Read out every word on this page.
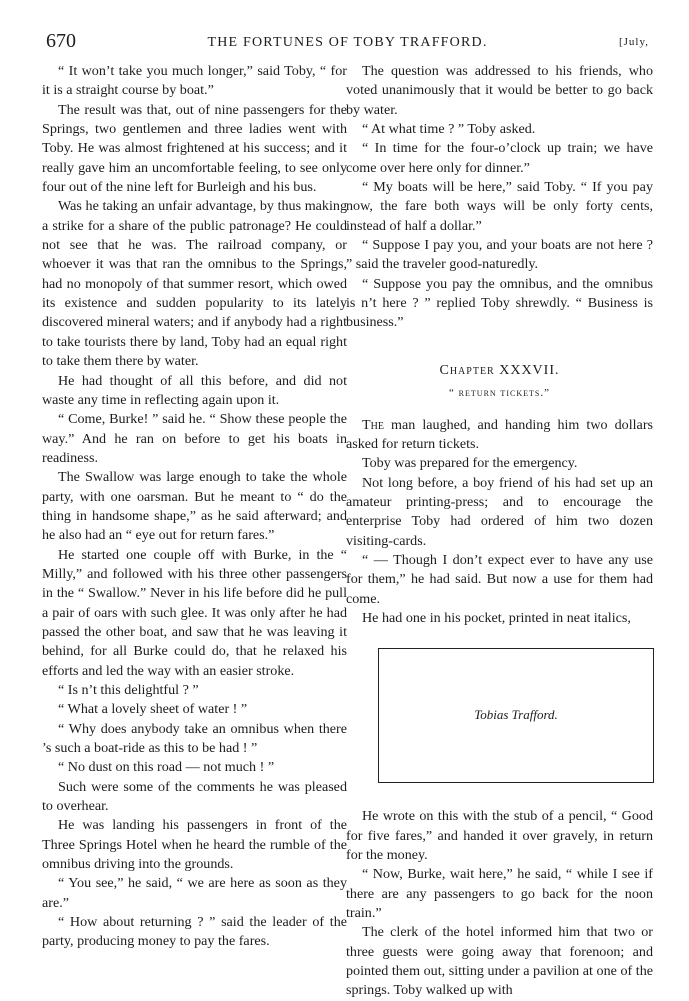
670	THE FORTUNES OF TOBY TRAFFORD.	[July,

“ It won’t take you much longer,” said Toby, “ for it is a straight course by boat.”

The result was that, out of nine passengers for the Springs, two gentlemen and three ladies went with Toby. He was almost frightened at his success; and it really gave him an uncomfortable feeling, to see only four out of the nine left for Burleigh and his bus.

Was he taking an unfair advantage, by thus making a strike for a share of the public patronage? He could not see that he was. The railroad company, or whoever it was that ran the omnibus to the Springs, had no monopoly of that summer resort, which owed its existence and sudden popularity to its lately discovered mineral waters; and if anybody had a right to take tourists there by land, Toby had an equal right to take them there by water.

He had thought of all this before, and did not waste any time in reflecting again upon it.

“ Come, Burke! ” said he. “ Show these people the way.” And he ran on before to get his boats in readiness.

The Swallow was large enough to take the whole party, with one oarsman. But he meant to “ do the thing in handsome shape,” as he said afterward; and he also had an “ eye out for return fares.”

He started one couple off with Burke, in the “ Milly,” and followed with his three other passengers in the “ Swallow.” Never in his life before did he pull a pair of oars with such glee. It was only after he had passed the other boat, and saw that he was leaving it behind, for all Burke could do, that he relaxed his efforts and led the way with an easier stroke.

“ Is n’t this delightful ? ”

“ What a lovely sheet of water ! ”

“ Why does anybody take an omnibus when there ’s such a boat-ride as this to be had ! ”

“ No dust on this road — not much ! ”

Such were some of the comments he was pleased to overhear.

He was landing his passengers in front of the Three Springs Hotel when he heard the rumble of the omnibus driving into the grounds.

“ You see,” he said, “ we are here as soon as they are.”

“ How about returning ? ” said the leader of the party, producing money to pay the fares.

The question was addressed to his friends, who voted unanimously that it would be better to go back by water.

“ At what time ? ” Toby asked.

“ In time for the four-o’clock up train; we have come over here only for dinner.”

“ My boats will be here,” said Toby. “ If you pay now, the fare both ways will be only forty cents, instead of half a dollar.”

“ Suppose I pay you, and your boats are not here ? ” said the traveler good-naturedly.

“ Suppose you pay the omnibus, and the omnibus is n’t here ? ” replied Toby shrewdly. “ Business is business.”

Chapter XXXVII.
“ return tickets.”

The man laughed, and handing him two dollars asked for return tickets.

Toby was prepared for the emergency.

Not long before, a boy friend of his had set up an amateur printing-press; and to encourage the enterprise Toby had ordered of him two dozen visiting-cards.

“ — Though I don’t expect ever to have any use for them,” he had said. But now a use for them had come.

He had one in his pocket, printed in neat italics,

Tobias Trafford.

He wrote on this with the stub of a pencil, “ Good for five fares,” and handed it over gravely, in return for the money.

“ Now, Burke, wait here,” he said, “ while I see if there are any passengers to go back for the noon train.”

The clerk of the hotel informed him that two or three guests were going away that forenoon; and pointed them out, sitting under a pavilion at one of the springs. Toby walked up with
